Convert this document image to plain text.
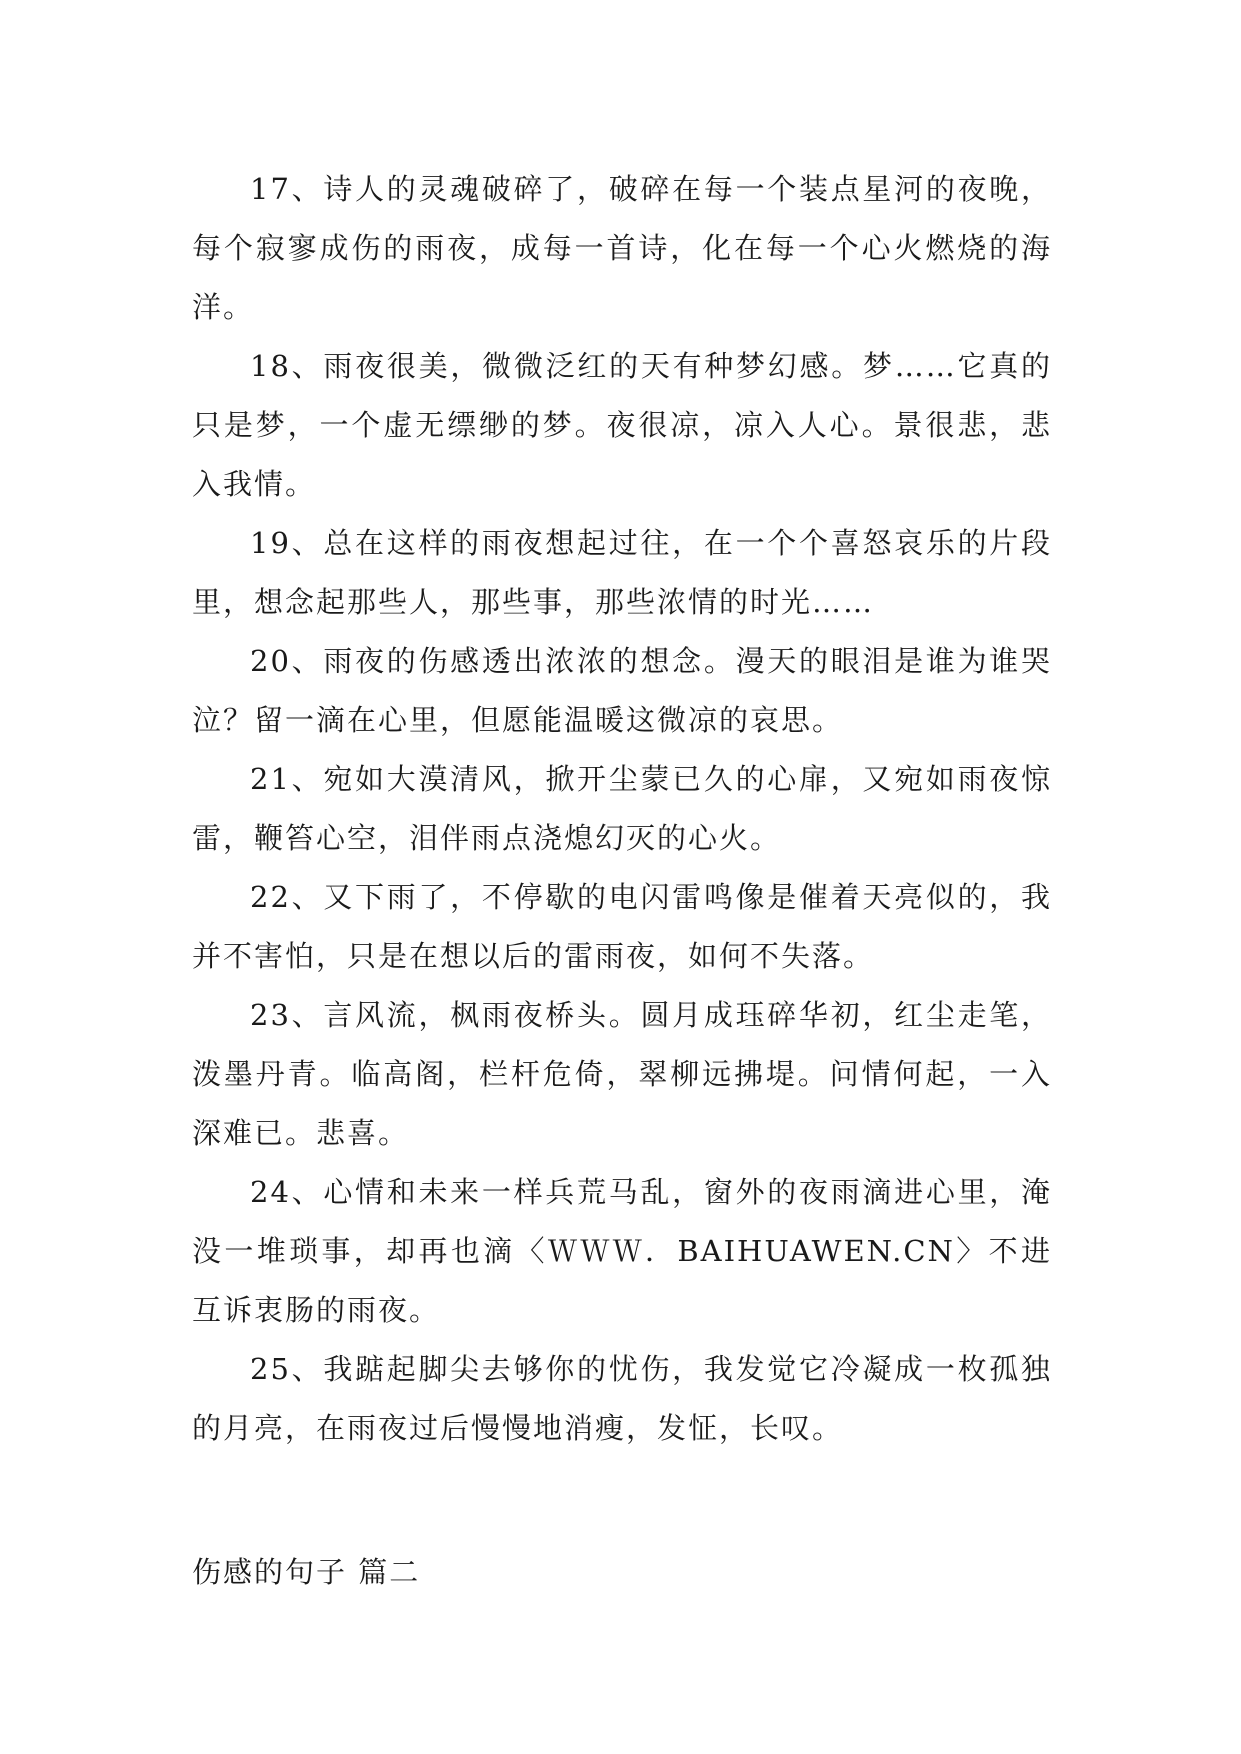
17、诗人的灵魂破碎了，破碎在每一个装点星河的夜晚，每个寂寥成伤的雨夜，成每一首诗，化在每一个心火燃烧的海洋。

18、雨夜很美，微微泛红的天有种梦幻感。梦……它真的只是梦，一个虚无缥缈的梦。夜很凉，凉入人心。景很悲，悲入我情。

19、总在这样的雨夜想起过往，在一个个喜怒哀乐的片段里，想念起那些人，那些事，那些浓情的时光……

20、雨夜的伤感透出浓浓的想念。漫天的眼泪是谁为谁哭泣？留一滴在心里，但愿能温暖这微凉的哀思。

21、宛如大漠清风，掀开尘蒙已久的心扉，又宛如雨夜惊雷，鞭笞心空，泪伴雨点浇熄幻灭的心火。

22、又下雨了，不停歇的电闪雷鸣像是催着天亮似的，我并不害怕，只是在想以后的雷雨夜，如何不失落。

23、言风流，枫雨夜桥头。圆月成珏碎华初，红尘走笔，泼墨丹青。临高阁，栏杆危倚，翠柳远拂堤。问情何起，一入深难已。悲喜。

24、心情和未来一样兵荒马乱，窗外的夜雨滴进心里，淹没一堆琐事，却再也滴〈ＷＷＷ．BAIHUAWEN.CN〉不进互诉衷肠的雨夜。

25、我踮起脚尖去够你的忧伤，我发觉它冷凝成一枚孤独的月亮，在雨夜过后慢慢地消瘦，发怔，长叹。

伤感的句子 篇二
